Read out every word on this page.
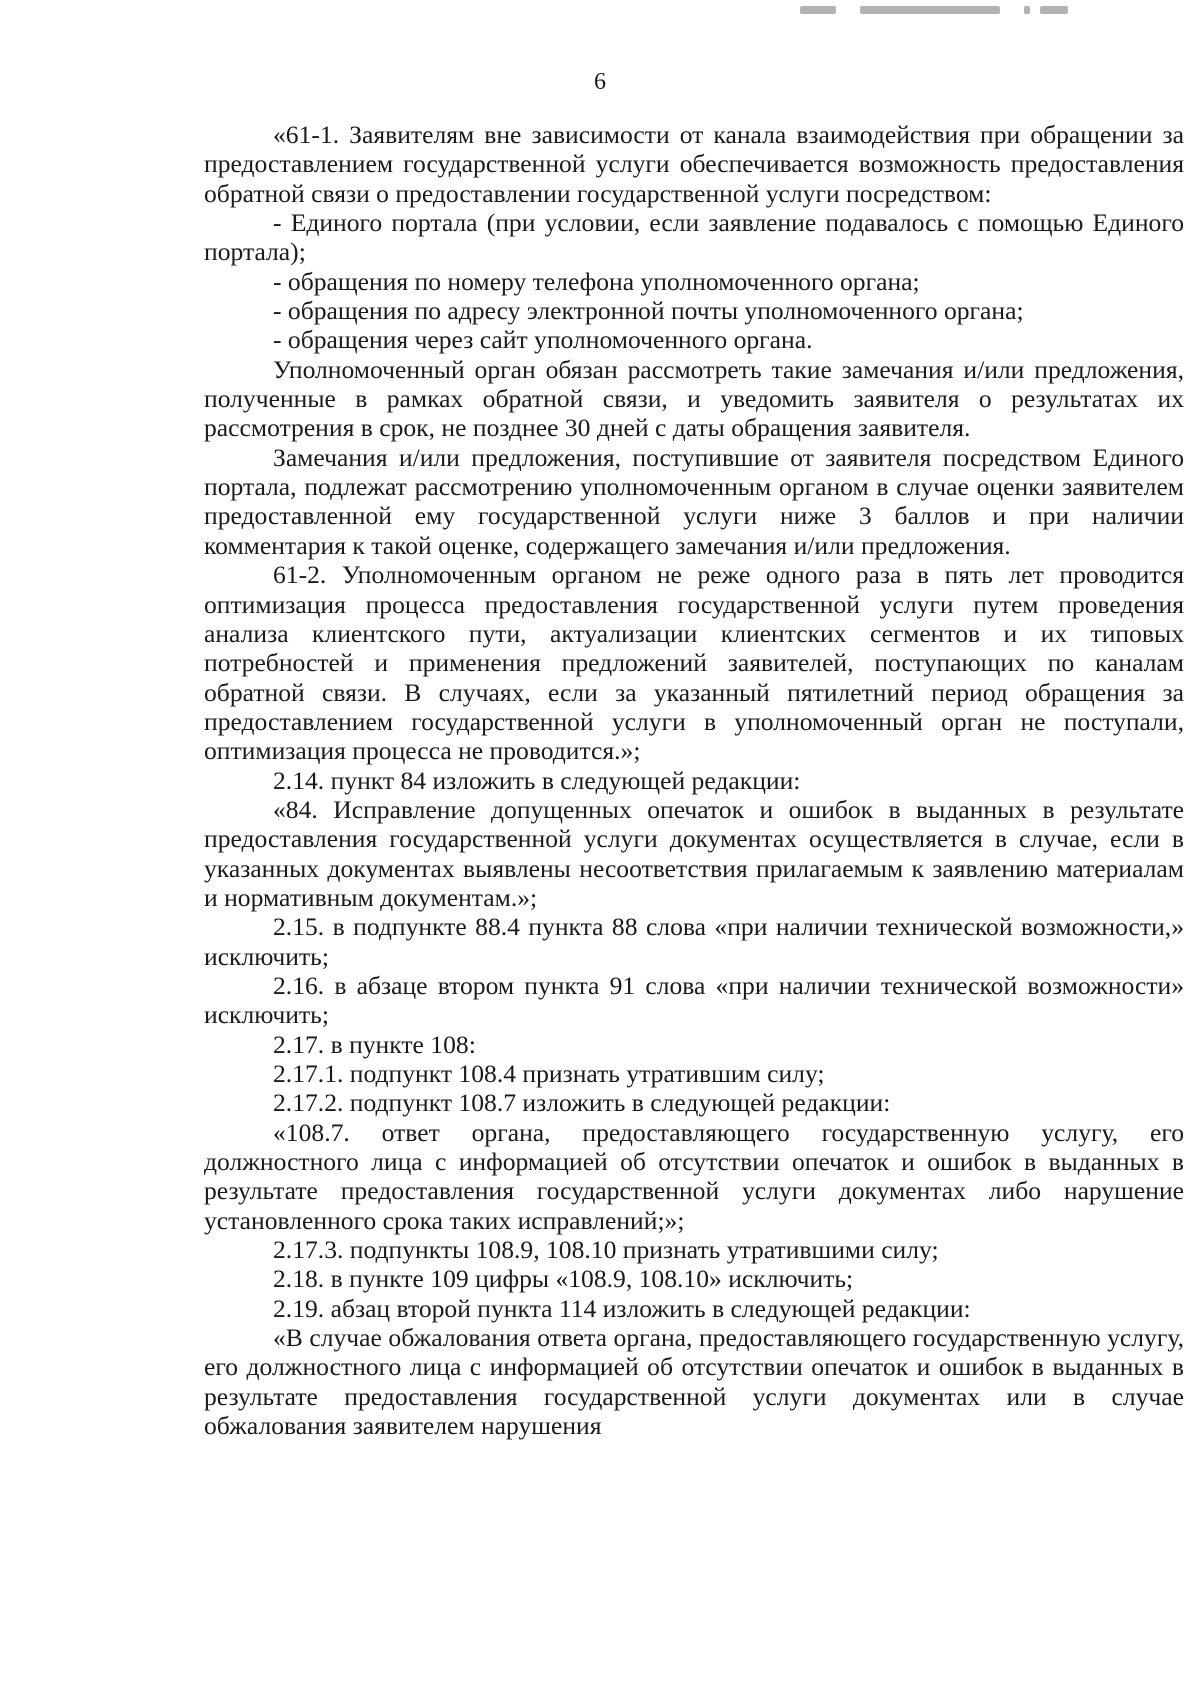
6

«61-1. Заявителям вне зависимости от канала взаимодействия при обращении за предоставлением государственной услуги обеспечивается возможность предоставления обратной связи о предоставлении государственной услуги посредством:

- Единого портала (при условии, если заявление подавалось с помощью Единого портала);

- обращения по номеру телефона уполномоченного органа;

- обращения по адресу электронной почты уполномоченного органа;

- обращения через сайт уполномоченного органа.

Уполномоченный орган обязан рассмотреть такие замечания и/или предложения, полученные в рамках обратной связи, и уведомить заявителя о результатах их рассмотрения в срок, не позднее 30 дней с даты обращения заявителя.

Замечания и/или предложения, поступившие от заявителя посредством Единого портала, подлежат рассмотрению уполномоченным органом в случае оценки заявителем предоставленной ему государственной услуги ниже 3 баллов и при наличии комментария к такой оценке, содержащего замечания и/или предложения.

61-2. Уполномоченным органом не реже одного раза в пять лет проводится оптимизация процесса предоставления государственной услуги путем проведения анализа клиентского пути, актуализации клиентских сегментов и их типовых потребностей и применения предложений заявителей, поступающих по каналам обратной связи. В случаях, если за указанный пятилетний период обращения за предоставлением государственной услуги в уполномоченный орган не поступали, оптимизация процесса не проводится.»;

2.14. пункт 84 изложить в следующей редакции:

«84. Исправление допущенных опечаток и ошибок в выданных в результате предоставления государственной услуги документах осуществляется в случае, если в указанных документах выявлены несоответствия прилагаемым к заявлению материалам и нормативным документам.»;

2.15. в подпункте 88.4 пункта 88 слова «при наличии технической возможности,» исключить;

2.16. в абзаце втором пункта 91 слова «при наличии технической возможности» исключить;

2.17. в пункте 108:

2.17.1. подпункт 108.4 признать утратившим силу;

2.17.2. подпункт 108.7 изложить в следующей редакции:

«108.7. ответ органа, предоставляющего государственную услугу, его должностного лица с информацией об отсутствии опечаток и ошибок в выданных в результате предоставления государственной услуги документах либо нарушение установленного срока таких исправлений;»;

2.17.3. подпункты 108.9, 108.10 признать утратившими силу;

2.18. в пункте 109 цифры «108.9, 108.10» исключить;

2.19. абзац второй пункта 114 изложить в следующей редакции:

«В случае обжалования ответа органа, предоставляющего государственную услугу, его должностного лица с информацией об отсутствии опечаток и ошибок в выданных в результате предоставления государственной услуги документах или в случае обжалования заявителем нарушения
